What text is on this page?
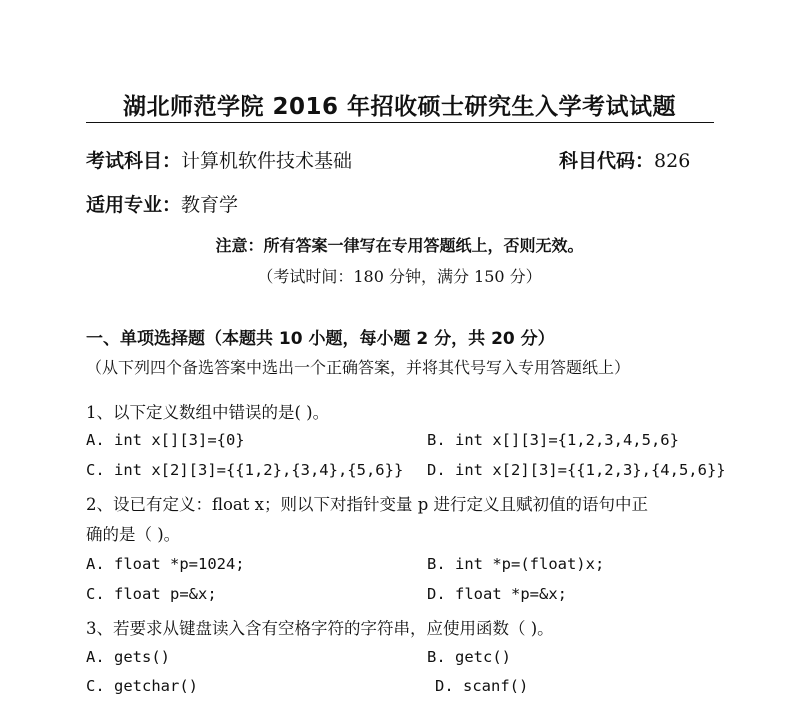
湖北师范学院 2016 年招收硕士研究生入学考试试题
考试科目：计算机软件技术基础	科目代码：826
适用专业：教育学
注意：所有答案一律写在专用答题纸上，否则无效。
（考试时间：180 分钟，满分 150 分）
一、单项选择题（本题共 10 小题，每小题 2 分，共 20 分）
（从下列四个备选答案中选出一个正确答案，并将其代号写入专用答题纸上）
1、以下定义数组中错误的是( )。
A. int x[][3]={0}	B. int x[][3]={1,2,3,4,5,6}
C. int x[2][3]={{1,2},{3,4},{5,6}} D. int x[2][3]={{1,2,3},{4,5,6}}
2、设已有定义：float x；则以下对指针变量 p 进行定义且赋初值的语句中正
确的是（ )。
A. float *p=1024;	B. int *p=(float)x;
C. float p=&x;	D. float *p=&x;
3、若要求从键盘读入含有空格字符的字符串，应使用函数（ )。
A. gets()	B. getc()
C. getchar()	D. scanf()
